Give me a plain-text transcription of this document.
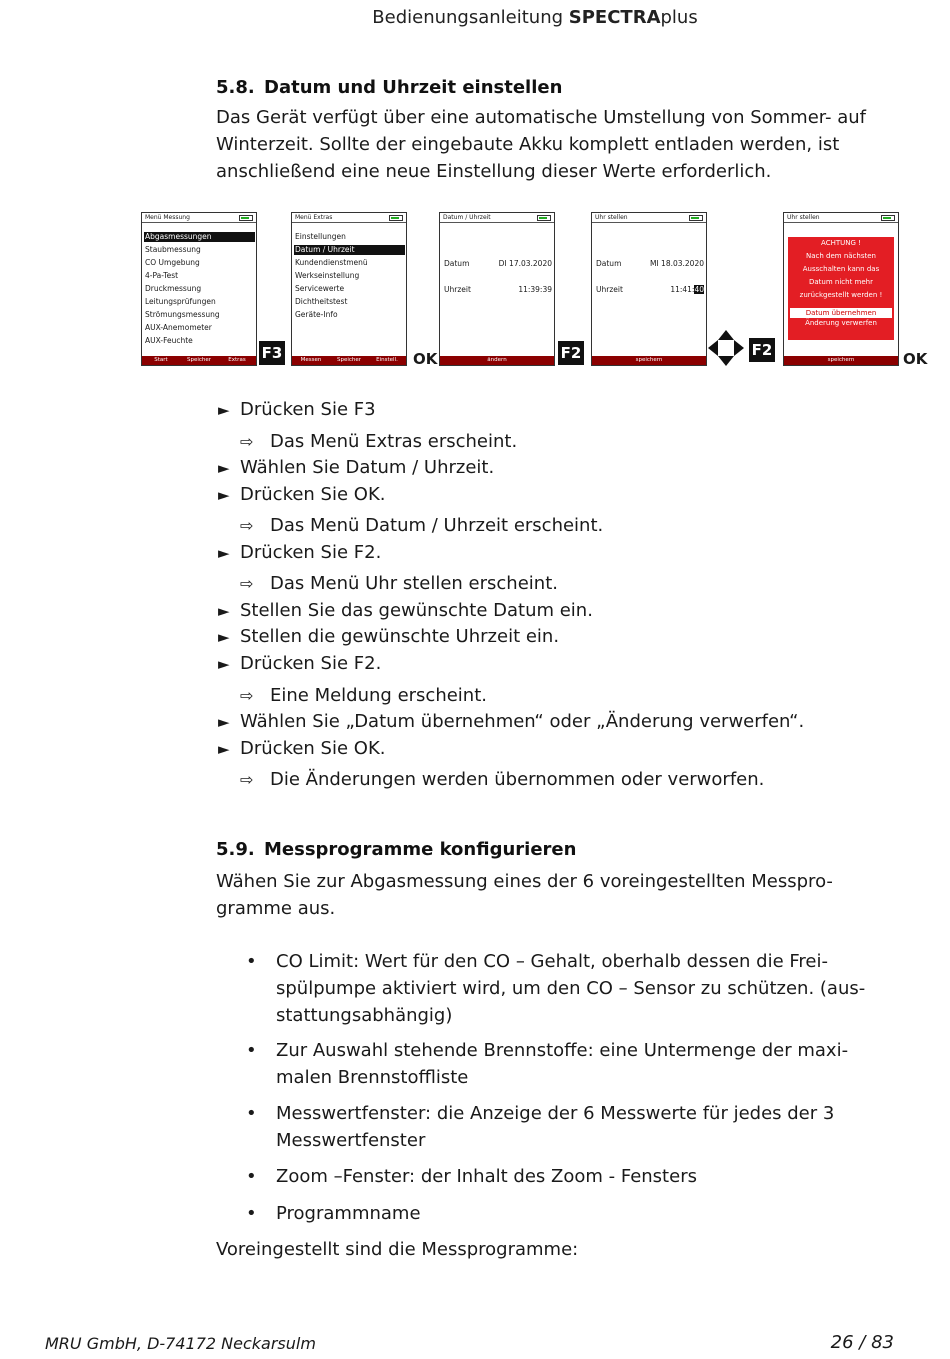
Bedienungsanleitung SPECTRAplus
5.8. Datum und Uhrzeit einstellen
Das Gerät verfügt über eine automatische Umstellung von Sommer- auf
Winterzeit. Sollte der eingebaute Akku komplett entladen werden, ist
anschließend eine neue Einstellung dieser Werte erforderlich.
Menü Messung
Abgasmessungen
Staubmessung
CO Umgebung
4-Pa-Test
Druckmessung
Leitungsprüfungen
Strömungsmessung
AUX-Anemometer
AUX-Feuchte
Start	Speicher	Extras	F3
Menü Extras
Einstellungen
Datum / Uhrzeit
Kundendienstmenü
Werkseinstellung
Servicewerte
Dichtheitstest
Geräte-Info
Messen	Speicher	Einstell.	OK
Datum / Uhrzeit
Datum	DI 17.03.2020
Uhrzeit	11:39:39
ändern	F2
Uhr stellen
Datum	MI 18.03.2020
Uhrzeit	11:41:40
speichern
F2
Uhr stellen
ACHTUNG !
Nach dem nächsten
Ausschalten kann das
Datum nicht mehr
zurückgestellt werden !
Datum übernehmen
Änderung verwerfen
speichern	OK
► Drücken Sie F3
⇨ Das Menü Extras erscheint.
► Wählen Sie Datum / Uhrzeit.
► Drücken Sie OK.
⇨ Das Menü Datum / Uhrzeit erscheint.
► Drücken Sie F2.
⇨ Das Menü Uhr stellen erscheint.
► Stellen Sie das gewünschte Datum ein.
► Stellen die gewünschte Uhrzeit ein.
► Drücken Sie F2.
⇨ Eine Meldung erscheint.
► Wählen Sie „Datum übernehmen“ oder „Änderung verwerfen“.
► Drücken Sie OK.
⇨ Die Änderungen werden übernommen oder verworfen.
5.9. Messprogramme konfigurieren
Wähen Sie zur Abgasmessung eines der 6 voreingestellten Messpro-
gramme aus.
• CO Limit: Wert für den CO – Gehalt, oberhalb dessen die Frei-
spülpumpe aktiviert wird, um den CO – Sensor zu schützen. (aus-
stattungsabhängig)
• Zur Auswahl stehende Brennstoffe: eine Untermenge der maxi-
malen Brennstoffliste
• Messwertfenster: die Anzeige der 6 Messwerte für jedes der 3
Messwertfenster
• Zoom –Fenster: der Inhalt des Zoom - Fensters
• Programmname
Voreingestellt sind die Messprogramme:
MRU GmbH, D-74172 Neckarsulm	26 / 83
